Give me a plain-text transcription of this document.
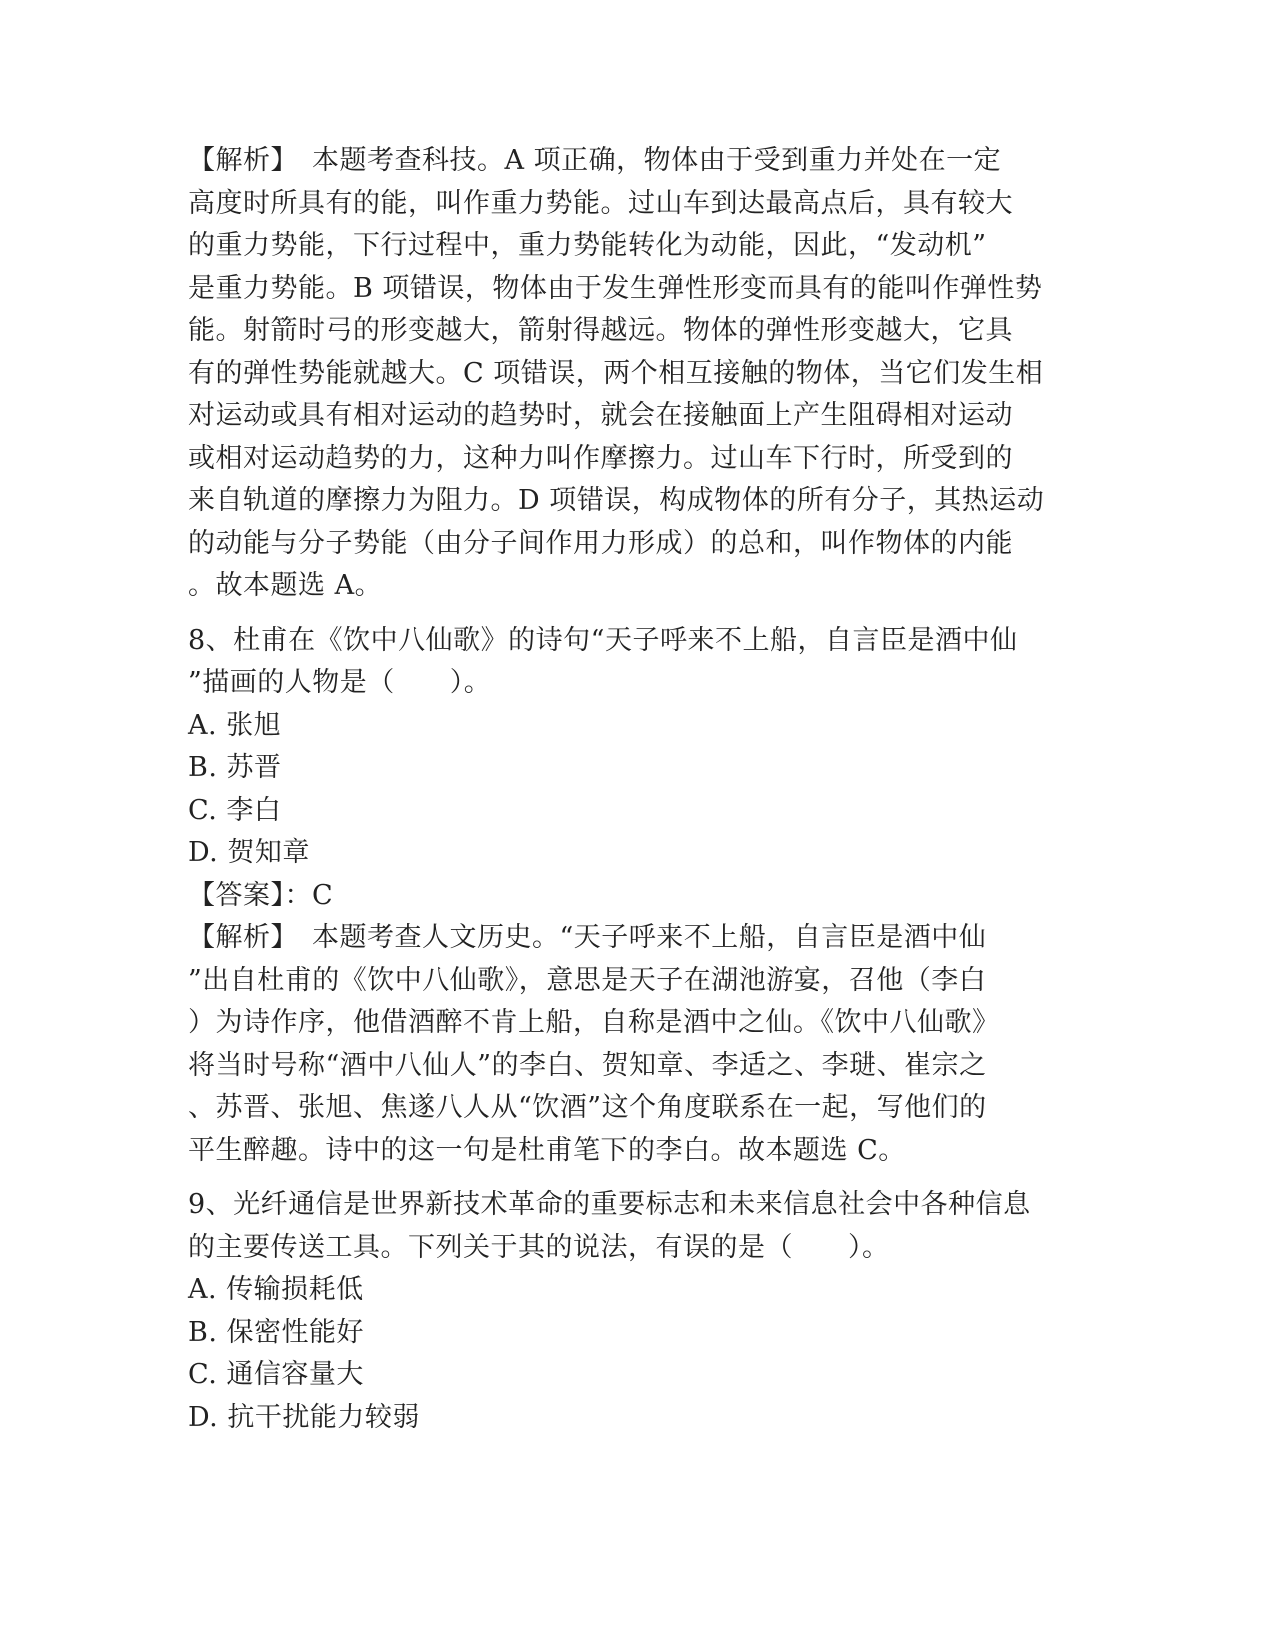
【解析】　本题考查科技。A 项正确，物体由于受到重力并处在一定
高度时所具有的能，叫作重力势能。过山车到达最高点后，具有较大
的重力势能，下行过程中，重力势能转化为动能，因此，“发动机”
是重力势能。B 项错误，物体由于发生弹性形变而具有的能叫作弹性势
能。射箭时弓的形变越大，箭射得越远。物体的弹性形变越大，它具
有的弹性势能就越大。C 项错误，两个相互接触的物体，当它们发生相
对运动或具有相对运动的趋势时，就会在接触面上产生阻碍相对运动
或相对运动趋势的力，这种力叫作摩擦力。过山车下行时，所受到的
来自轨道的摩擦力为阻力。D 项错误，构成物体的所有分子，其热运动
的动能与分子势能（由分子间作用力形成）的总和，叫作物体的内能
。故本题选 A。
8、杜甫在《饮中八仙歌》的诗句“天子呼来不上船，自言臣是酒中仙
”描画的人物是（　　）。
A. 张旭
B. 苏晋
C. 李白
D. 贺知章
【答案】：C
【解析】　本题考查人文历史。“天子呼来不上船，自言臣是酒中仙
”出自杜甫的《饮中八仙歌》，意思是天子在湖池游宴，召他（李白
）为诗作序，他借酒醉不肯上船，自称是酒中之仙。《饮中八仙歌》
将当时号称“酒中八仙人”的李白、贺知章、李适之、李琎、崔宗之
、苏晋、张旭、焦遂八人从“饮酒”这个角度联系在一起，写他们的
平生醉趣。诗中的这一句是杜甫笔下的李白。故本题选 C。
9、光纤通信是世界新技术革命的重要标志和未来信息社会中各种信息
的主要传送工具。下列关于其的说法，有误的是（　　）。
A. 传输损耗低
B. 保密性能好
C. 通信容量大
D. 抗干扰能力较弱
